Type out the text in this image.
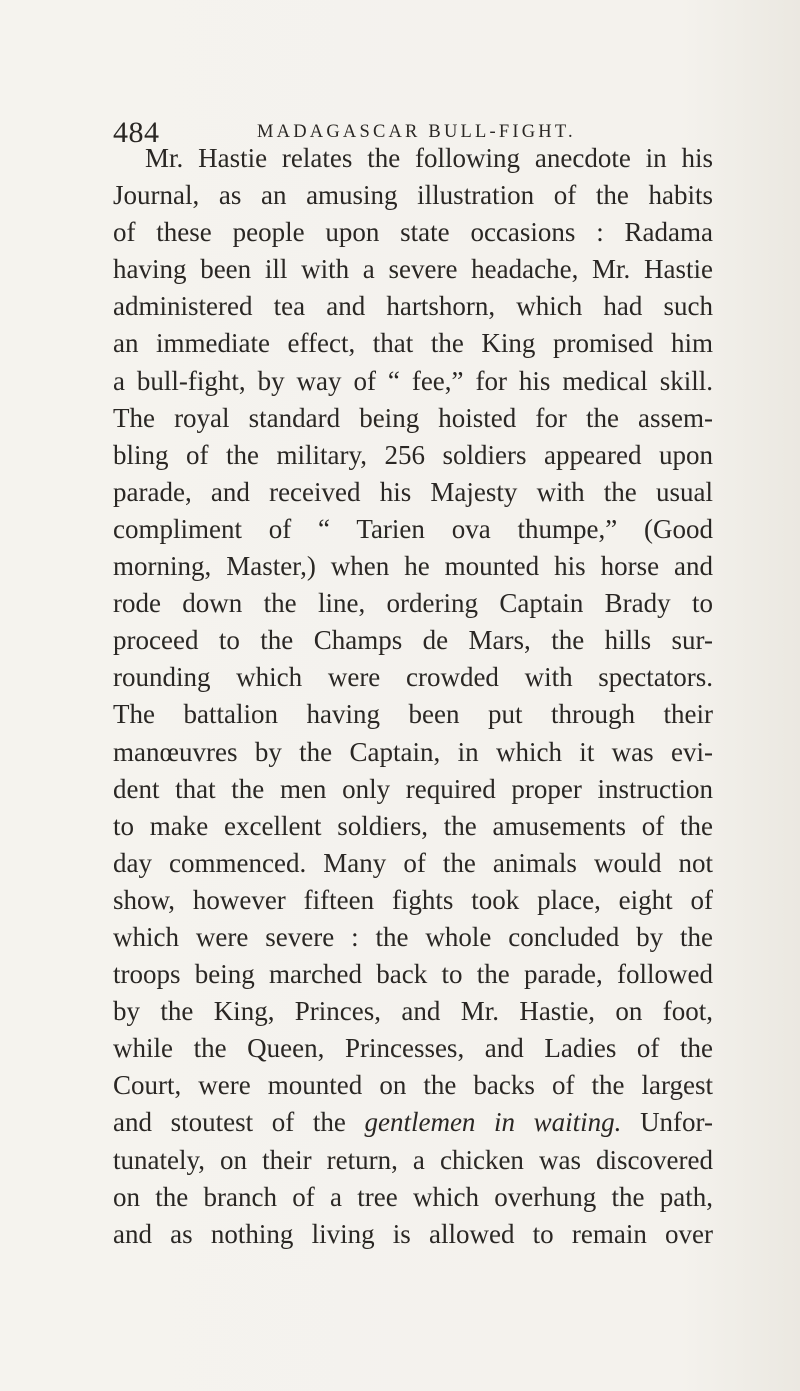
484	MADAGASCAR BULL-FIGHT.
Mr. Hastie relates the following anecdote in his
Journal, as an amusing illustration of the habits
of these people upon state occasions : Radama
having been ill with a severe headache, Mr. Hastie
administered tea and hartshorn, which had such
an immediate effect, that the King promised him
a bull-fight, by way of “ fee,” for his medical skill.
The royal standard being hoisted for the assem-
bling of the military, 256 soldiers appeared upon
parade, and received his Majesty with the usual
compliment of “ Tarien ova thumpe,” (Good
morning, Master,) when he mounted his horse and
rode down the line, ordering Captain Brady to
proceed to the Champs de Mars, the hills sur-
rounding which were crowded with spectators.
The battalion having been put through their
manœuvres by the Captain, in which it was evi-
dent that the men only required proper instruction
to make excellent soldiers, the amusements of the
day commenced. Many of the animals would not
show, however fifteen fights took place, eight of
which were severe : the whole concluded by the
troops being marched back to the parade, followed
by the King, Princes, and Mr. Hastie, on foot,
while the Queen, Princesses, and Ladies of the
Court, were mounted on the backs of the largest
and stoutest of the gentlemen in waiting. Unfor-
tunately, on their return, a chicken was discovered
on the branch of a tree which overhung the path,
and as nothing living is allowed to remain over
